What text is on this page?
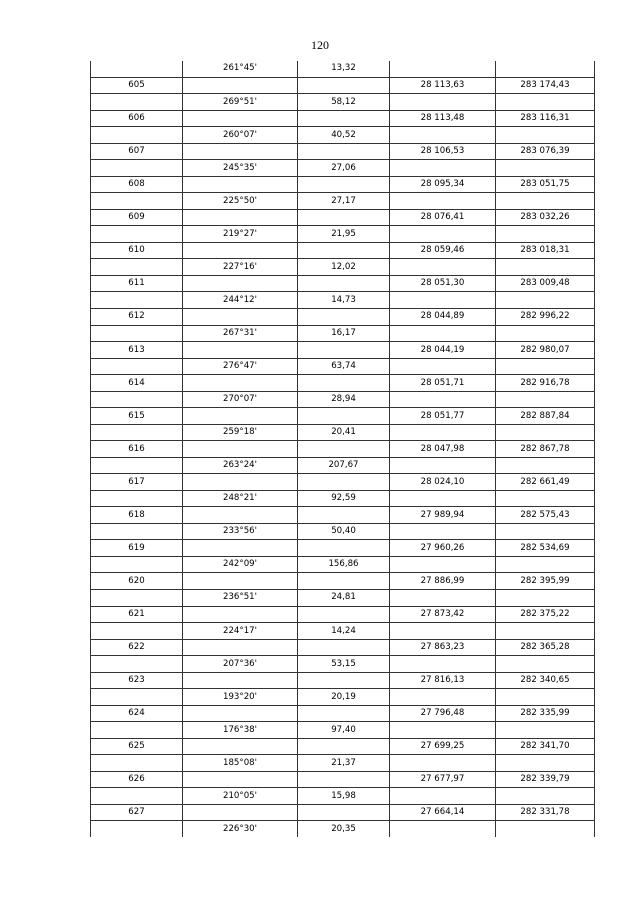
120
	261°45'	13,32		
605			28 113,63	283 174,43
	269°51'	58,12		
606			28 113,48	283 116,31
	260°07'	40,52		
607			28 106,53	283 076,39
	245°35'	27,06		
608			28 095,34	283 051,75
	225°50'	27,17		
609			28 076,41	283 032,26
	219°27'	21,95		
610			28 059,46	283 018,31
	227°16'	12,02		
611			28 051,30	283 009,48
	244°12'	14,73		
612			28 044,89	282 996,22
	267°31'	16,17		
613			28 044,19	282 980,07
	276°47'	63,74		
614			28 051,71	282 916,78
	270°07'	28,94		
615			28 051,77	282 887,84
	259°18'	20,41		
616			28 047,98	282 867,78
	263°24'	207,67		
617			28 024,10	282 661,49
	248°21'	92,59		
618			27 989,94	282 575,43
	233°56'	50,40		
619			27 960,26	282 534,69
	242°09'	156,86		
620			27 886,99	282 395,99
	236°51'	24,81		
621			27 873,42	282 375,22
	224°17'	14,24		
622			27 863,23	282 365,28
	207°36'	53,15		
623			27 816,13	282 340,65
	193°20'	20,19		
624			27 796,48	282 335,99
	176°38'	97,40		
625			27 699,25	282 341,70
	185°08'	21,37		
626			27 677,97	282 339,79
	210°05'	15,98		
627			27 664,14	282 331,78
	226°30'	20,35		
